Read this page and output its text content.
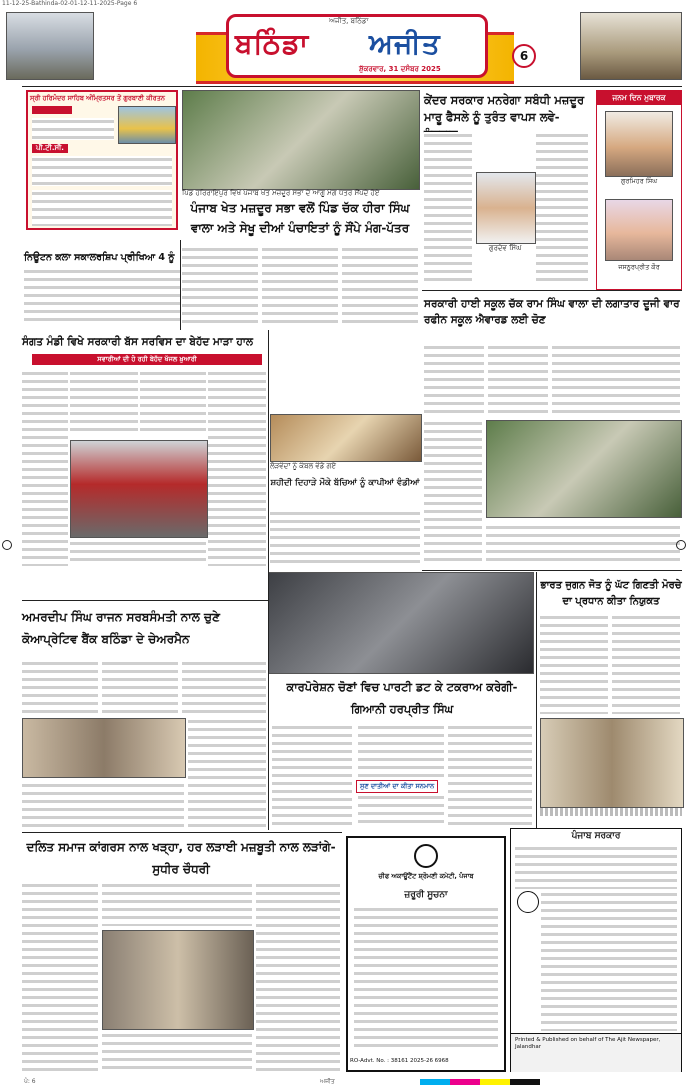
11-12-25-Bathinda-02-01-12-11-2025-Page 6
ਅਜੀਤ, ਬਠਿੰਡਾ
ਬਠਿੰਡਾ ਅਜੀਤ
ਸ਼ੁੱਕਰਵਾਰ, 31 ਦਸੰਬਰ 2025
6
ਸ੍ਰੀ ਹਰਿਮੰਦਰ ਸਾਹਿਬ ਅੰਮ੍ਰਿਤਸਰ ਤੋਂ ਗੁਰਬਾਣੀ ਕੀਰਤਨ
ਪੀ.ਟੀ.ਸੀ.
ਪਿੰਡ ਹਰਿਰਾਇਪੁਰ ਵਿਖੇ ਪੰਜਾਬ ਖੇਤ ਮਜ਼ਦੂਰ ਸਭਾ ਦੇ ਆਗੂ ਮੰਗ ਪੱਤਰ ਸੌਂਪਦੇ ਹੋਏ
ਕੇਂਦਰ ਸਰਕਾਰ ਮਨਰੇਗਾ ਸਬੰਧੀ ਮਜ਼ਦੂਰ ਮਾਰੂ ਫੈਸਲੇ ਨੂੰ ਤੁਰੰਤ ਵਾਪਸ ਲਵੇ-
ਗੁਰਦੇਵ ਸਿੰਘ
ਜਨਮ ਦਿਨ ਮੁਬਾਰਕ
ਗੁਰਮਿਹਰ ਸਿੰਘ
ਜਸਨੂਰਪ੍ਰੀਤ ਕੌਰ
ਪੰਜਾਬ ਖੇਤ ਮਜ਼ਦੂਰ ਸਭਾ ਵਲੋਂ ਪਿੰਡ ਚੱਕ ਹੀਰਾ ਸਿੰਘ ਵਾਲਾ ਅਤੇ ਸੇਖੂ ਦੀਆਂ ਪੰਚਾਇਤਾਂ ਨੂੰ ਸੌਂਪੇ ਮੰਗ-ਪੱਤਰ
ਨਿਊਟਨ ਕਲਾ ਸਕਾਲਰਸ਼ਿਪ ਪ੍ਰੀਖਿਆ 4 ਨੂੰ
ਸਰਕਾਰੀ ਹਾਈ ਸਕੂਲ ਚੱਕ ਰਾਮ ਸਿੰਘ ਵਾਲਾ ਦੀ ਲਗਾਤਾਰ ਦੂਜੀ ਵਾਰ ਰਫੀਨ ਸਕੂਲ ਐਵਾਰਡ ਲਈ ਚੋਣ
ਸੰਗਤ ਮੰਡੀ ਵਿਖੇ ਸਰਕਾਰੀ ਬੱਸ ਸਰਵਿਸ ਦਾ ਬੇਹੱਦ ਮਾੜਾ ਹਾਲ
ਸਵਾਰੀਆਂ ਦੀ ਹੋ ਰਹੀ ਬੇਹੱਦ ਖੱਜਲ ਖ਼ੁਆਰੀ
ਲੋੜਵੰਦਾਂ ਨੂੰ ਕੰਬਲ ਵੰਡੇ ਗਏ
ਸ਼ਹੀਦੀ ਦਿਹਾੜੇ ਮੌਕੇ ਬੱਚਿਆਂ ਨੂੰ ਕਾਪੀਆਂ ਵੰਡੀਆਂ
ਭਾਰਤ ਜੁਗਨ ਜੋਤ ਨੂੰ ਘੱਟ ਗਿਣਤੀ ਮੋਰਚੇ ਦਾ ਪ੍ਰਧਾਨ ਕੀਤਾ ਨਿਯੁਕਤ
ਅਮਰਦੀਪ ਸਿੰਘ ਰਾਜਨ ਸਰਬਸੰਮਤੀ ਨਾਲ ਚੁਣੇ ਕੋਆਪ੍ਰੇਟਿਵ ਬੈਂਕ ਬਠਿੰਡਾ ਦੇ ਚੇਅਰਮੈਨ
ਕਾਰਪੋਰੇਸ਼ਨ ਚੋਣਾਂ ਵਿਚ ਪਾਰਟੀ ਡਟ ਕੇ ਟਕਰਾਅ ਕਰੇਗੀ-ਗਿਆਨੀ ਹਰਪ੍ਰੀਤ ਸਿੰਘ
ਸੁਣ ਦਾਤੀਆਂ ਦਾ ਕੀਤਾ ਸਨਮਾਨ
ਦਲਿਤ ਸਮਾਜ ਕਾਂਗਰਸ ਨਾਲ ਖੜ੍ਹਾ, ਹਰ ਲੜਾਈ ਮਜ਼ਬੂਤੀ ਨਾਲ ਲੜਾਂਗੇ-ਸੁਧੀਰ ਚੌਧਰੀ	ਚੀਫ ਅਕਾਊਂਟੈਂਟ ਸ਼੍ਰੋਮਣੀ ਕਮੇਟੀ, ਪੰਜਾਬ
ਜ਼ਰੂਰੀ ਸੂਚਨਾ
RO-Advt. No. : 38161 2025-26 6968
ਪੰਜਾਬ ਸਰਕਾਰ
Printed & Published on behalf of The Ajit Newspaper, Jalandhar
ਪੰ: 6	ਅਜੀਤ
